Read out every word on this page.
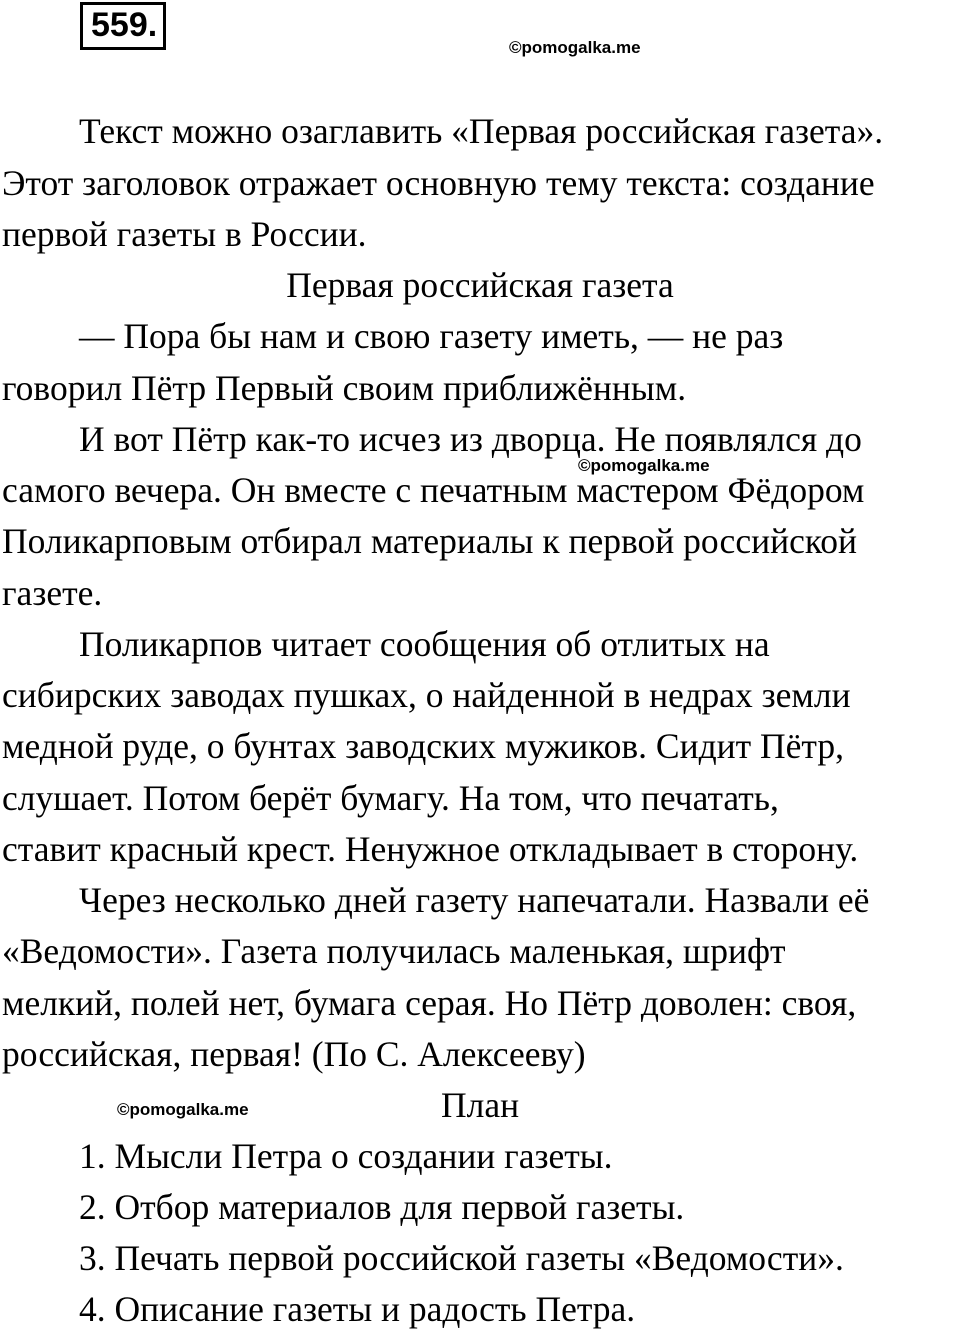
559.
©pomogalka.me
Текст можно озаглавить «Первая российская газета».
Этот заголовок отражает основную тему текста: создание
первой газеты в России.
Первая российская газета
— Пора бы нам и свою газету иметь, — не раз
говорил Пётр Первый своим приближённым.
И вот Пётр как-то исчез из дворца. Не появлялся до
©pomogalka.me
самого вечера. Он вместе с печатным мастером Фёдором
Поликарповым отбирал материалы к первой российской
газете.
Поликарпов читает сообщения об отлитых на
сибирских заводах пушках, о найденной в недрах земли
медной руде, о бунтах заводских мужиков. Сидит Пётр,
слушает. Потом берёт бумагу. На том, что печатать,
ставит красный крест. Ненужное откладывает в сторону.
Через несколько дней газету напечатали. Назвали её
«Ведомости». Газета получилась маленькая, шрифт
мелкий, полей нет, бумага серая. Но Пётр доволен: своя,
российская, первая! (По С. Алексееву)
©pomogalka.me	План
1. Мысли Петра о создании газеты.
2. Отбор материалов для первой газеты.
3. Печать первой российской газеты «Ведомости».
4. Описание газеты и радость Петра.
